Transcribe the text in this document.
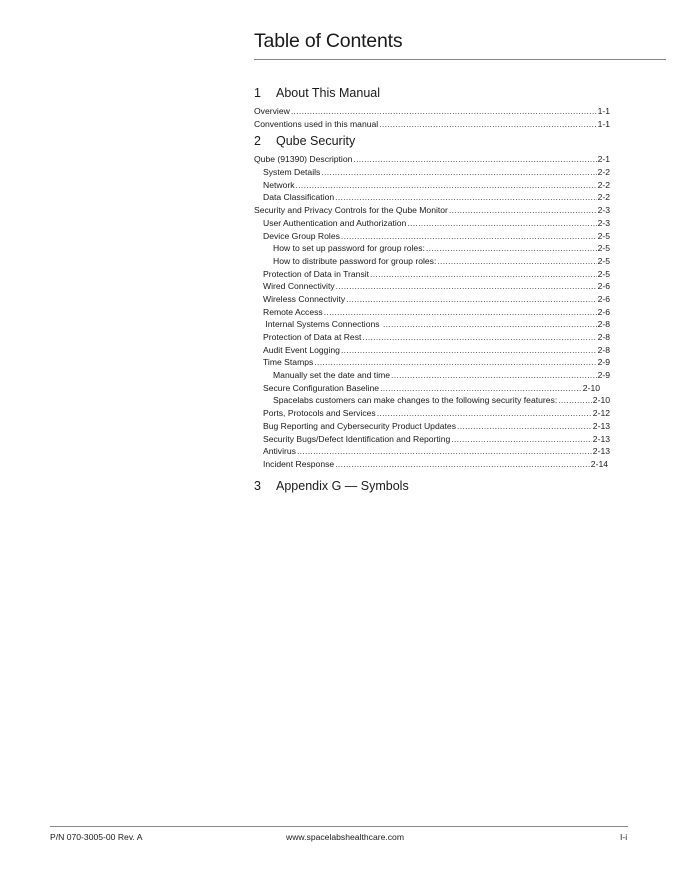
Table of Contents
1 About This Manual
Overview .....	1-1
Conventions used in this manual .....	1-1
2 Qube Security
Qube (91390) Description .....	2-1
System Details .....	2-2
Network .....	2-2
Data Classification .....	2-2
Security and Privacy Controls for the Qube Monitor .....	2-3
User Authentication and Authorization .....	2-3
Device Group Roles .....	2-5
How to set up password for group roles: .....	2-5
How to distribute password for group roles: .....	2-5
Protection of Data in Transit .....	2-5
Wired Connectivity .....	2-6
Wireless Connectivity .....	2-6
Remote Access .....	2-6
Internal Systems Connections .....	2-8
Protection of Data at Rest .....	2-8
Audit Event Logging .....	2-8
Time Stamps .....	2-9
Manually set the date and time .....	2-9
Secure Configuration Baseline .....	2-10
Spacelabs customers can make changes to the following security features: .....	2-10
Ports, Protocols and Services .....	2-12
Bug Reporting and Cybersecurity Product Updates .....	2-13
Security Bugs/Defect Identification and Reporting .....	2-13
Antivirus .....	2-13
Incident Response .....	2-14
3 Appendix G — Symbols
P/N 070-3005-00 Rev. A	www.spacelabshealthcare.com	I-i
